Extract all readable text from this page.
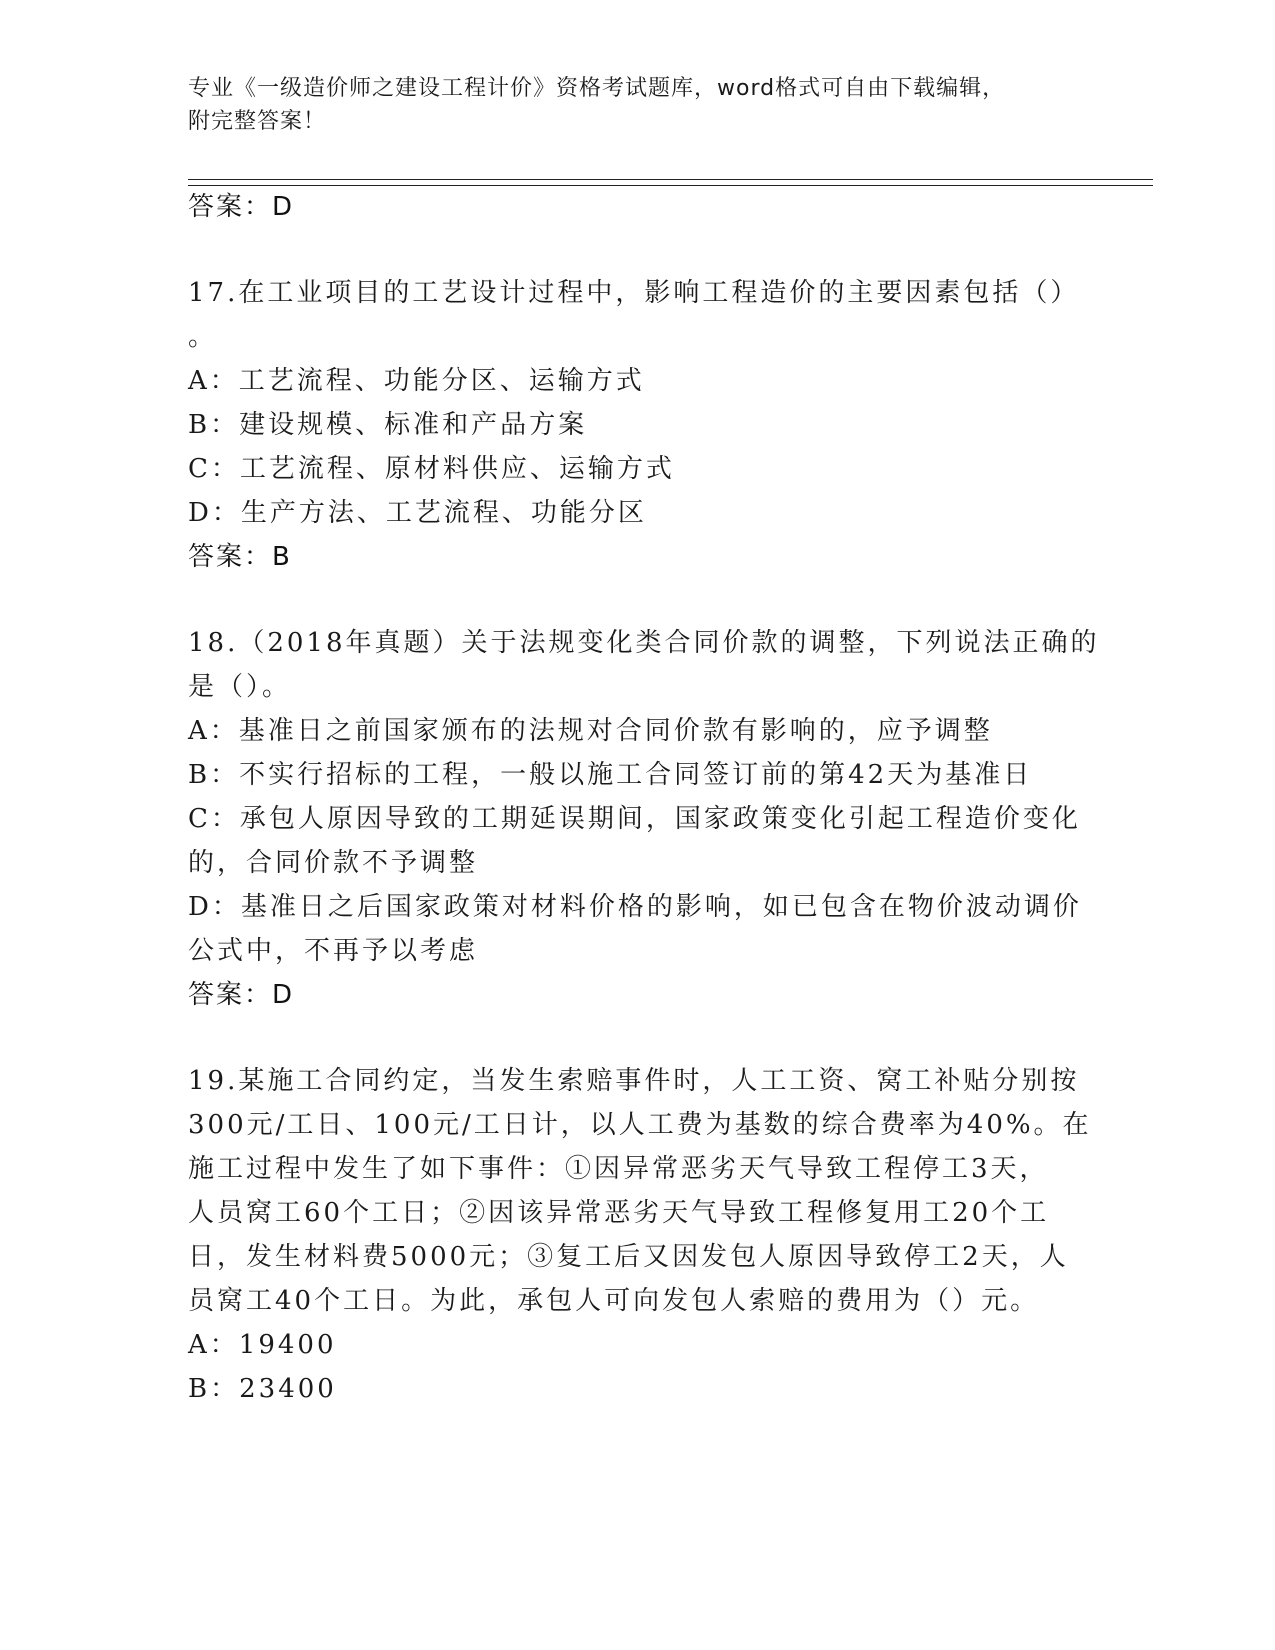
专业《一级造价师之建设工程计价》资格考试题库，word格式可自由下载编辑，
附完整答案！
答案：D
17.在工业项目的工艺设计过程中，影响工程造价的主要因素包括（）
。
A：工艺流程、功能分区、运输方式
B：建设规模、标准和产品方案
C：工艺流程、原材料供应、运输方式
D：生产方法、工艺流程、功能分区
答案：B
18.（2018年真题）关于法规变化类合同价款的调整，下列说法正确的
是（）。
A：基准日之前国家颁布的法规对合同价款有影响的，应予调整
B：不实行招标的工程，一般以施工合同签订前的第42天为基准日
C：承包人原因导致的工期延误期间，国家政策变化引起工程造价变化
的，合同价款不予调整
D：基准日之后国家政策对材料价格的影响，如已包含在物价波动调价
公式中，不再予以考虑
答案：D
19.某施工合同约定，当发生索赔事件时，人工工资、窝工补贴分别按
300元/工日、100元/工日计，以人工费为基数的综合费率为40%。在
施工过程中发生了如下事件：①因异常恶劣天气导致工程停工3天，
人员窝工60个工日；②因该异常恶劣天气导致工程修复用工20个工
日，发生材料费5000元；③复工后又因发包人原因导致停工2天，人
员窝工40个工日。为此，承包人可向发包人索赔的费用为（）元。
A：19400
B：23400
